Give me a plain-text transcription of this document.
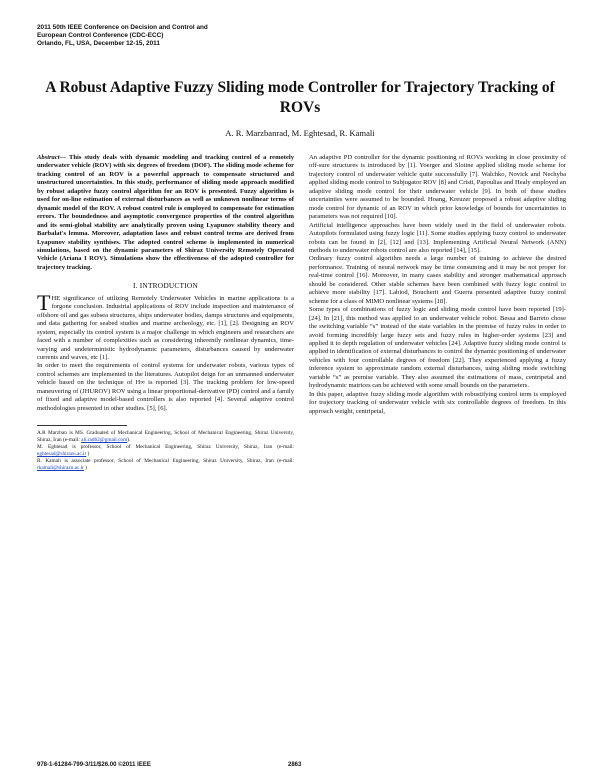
2011 50th IEEE Conference on Decision and Control and
European Control Conference (CDC-ECC)
Orlando, FL, USA, December 12-15, 2011
A Robust Adaptive Fuzzy Sliding mode Controller for Trajectory Tracking of ROVs
A. R. Marzbanrad, M. Eghtesad, R. Kamali

Abstract— This study deals with dynamic modeling and tracking control of a remotely underwater vehicle (ROV) with six degrees of freedom (DOF). The sliding mode scheme for tracking control of an ROV is a powerful approach to compensate structured and unstructured uncertainties. In this study, performance of sliding mode approach modified by robust adaptive fuzzy control algorithm for an ROV is presented. Fuzzy algorithm is used for on-line estimation of external disturbances as well as unknown nonlinear terms of dynamic model of the ROV. A robust control rule is employed to compensate for estimation errors. The boundedness and asymptotic convergence properties of the control algorithm and its semi-global stability are analytically proven using Lyapunov stability theory and Barbalat's lemma. Moreover, adaptation laws and robust control terms are derived from Lyapunov stability synthises. The adopted control scheme is implemented in numerical simulations, based on the dynamic parameters of Shiraz University Remotely Operated Vehicle (Ariana I ROV). Simulations show the effectiveness of the adopted controller for trajectory tracking.

I. INTRODUCTION

THE significance of utilizing Remotely Underwater Vehicles in marine applications is a forgone conclusion. Industrial applications of ROV include inspection and maintenance of offshore oil and gas subsea structures, ships underwater bodies, damps structures and equipments, and data gathering for seabed studies and marine archeology, etc. [1], [2]. Designing an ROV system, especially its control system is a major challenge in which engineers and researchers are faced with a number of complexities such as considering inherently nonlinear dynamics, time-varying and undeterministic hydrodynamic parameters, disturbances caused by underwater currents and waves, etc [1].

In order to meet the requirements of control systems for underwater robots, various types of control schemes are implemented in the literatures. Autopilot deign for an unmanned underwater vehicle based on the technique of H∞ is reported [3]. The tracking problem for low-speed maneuvering of (JHUROV) ROV using a linear proportional-derivative (PD) control and a family of fixed and adaptive model-based controllers is also reported [4]. Several adaptive control methodologies presented in other studies. [5], [6].

A.R Marzban is MS. Graduated of Mechanical Engineering, School of Mechanical Engineering, Shiraz University, Shiraz, Iran (e-mail: ali.rad62@gmail.com).
M. Eghtesad is professor, School of Mechanical Engineering, Shiraz University, Shiraz, Iran (e-mail: eghtesad@shirazu.ac.ir )
R. Kamali is associate professor, School of Mechanical Engineering, Shiraz University, Shiraz, Iran (e-mail: rkamali@shirazu.ac.ir )

An adaptive PD controller for the dynamic positioning of ROVs working in close proximity of off-sure structures is introduced by [1]. Yoerger and Slotine applied sliding mode scheme for trajectory control of underwater vehicle quite successfully [7]. Walchko, Novick and Nechyba applied sliding mode control to Subjugator ROV [8] and Cristi, Papoulias and Healy employed an adaptive sliding mode control for their underwater vehicle [9]. In both of these studies uncertainties were assumed to be bounded. Hoang, Kreuzer proposed a robust adaptive sliding mode control for dynamic of an ROV in which prior knowledge of bounds for uncertainties in parameters was not required [10].

Artificial intelligence approaches have been widely used in the field of underwater robots. Autopilots formulated using fuzzy logic [11]. Some studies applying fuzzy control to underwater robots can be found in [2], [12] and [13]. Implementing Artificial Neural Network (ANN) methods to underwater robots control are also reported [14], [15].

Ordinary fuzzy control algorithm needs a large number of training to achieve the desired performance. Training of neural network may be time consuming and it may be not proper for real-time control [16]. Moreover, in many cases stability and stronger mathematical approach should be considered. Other stable schemes have been combined with fuzzy logic control to achieve more stability [17]. Labiod, Boucherit and Guerra presented adaptive fuzzy control scheme for a class of MIMO nonlinear systems [18].

Some types of combinations of fuzzy logic and sliding mode control have been reported [19]-[24]. In [21], this method was applied to an underwater vehicle robot. Bessa and Barreto chose the switching variable “s” instead of the state variables in the premise of fuzzy rules in order to avoid forming incredibly large fuzzy sets and fuzzy rules in higher-order systems [23] and applied it to depth regulation of underwater vehicles [24]. Adaptive fuzzy sliding mode control is applied in identification of external disturbances to control the dynamic positioning of underwater vehicles with four controllable degrees of freedom [22]. They experienced applying a fuzzy inference system to approximate random external disturbances, using sliding mode switching variable “s” as premise variable. They also assumed the estimations of mass, centripetal and hydrodynamic matrices can be achieved with some small bounds on the parameters.

In this paper, adaptive fuzzy sliding mode algorithm with robustifying control term is employed for trajectory tracking of underwater vehicle with six controllable degrees of freedom. In this approach weight, centripetal,

978-1-61284-799-3/11/$26.00 ©2011 IEEE	2863
